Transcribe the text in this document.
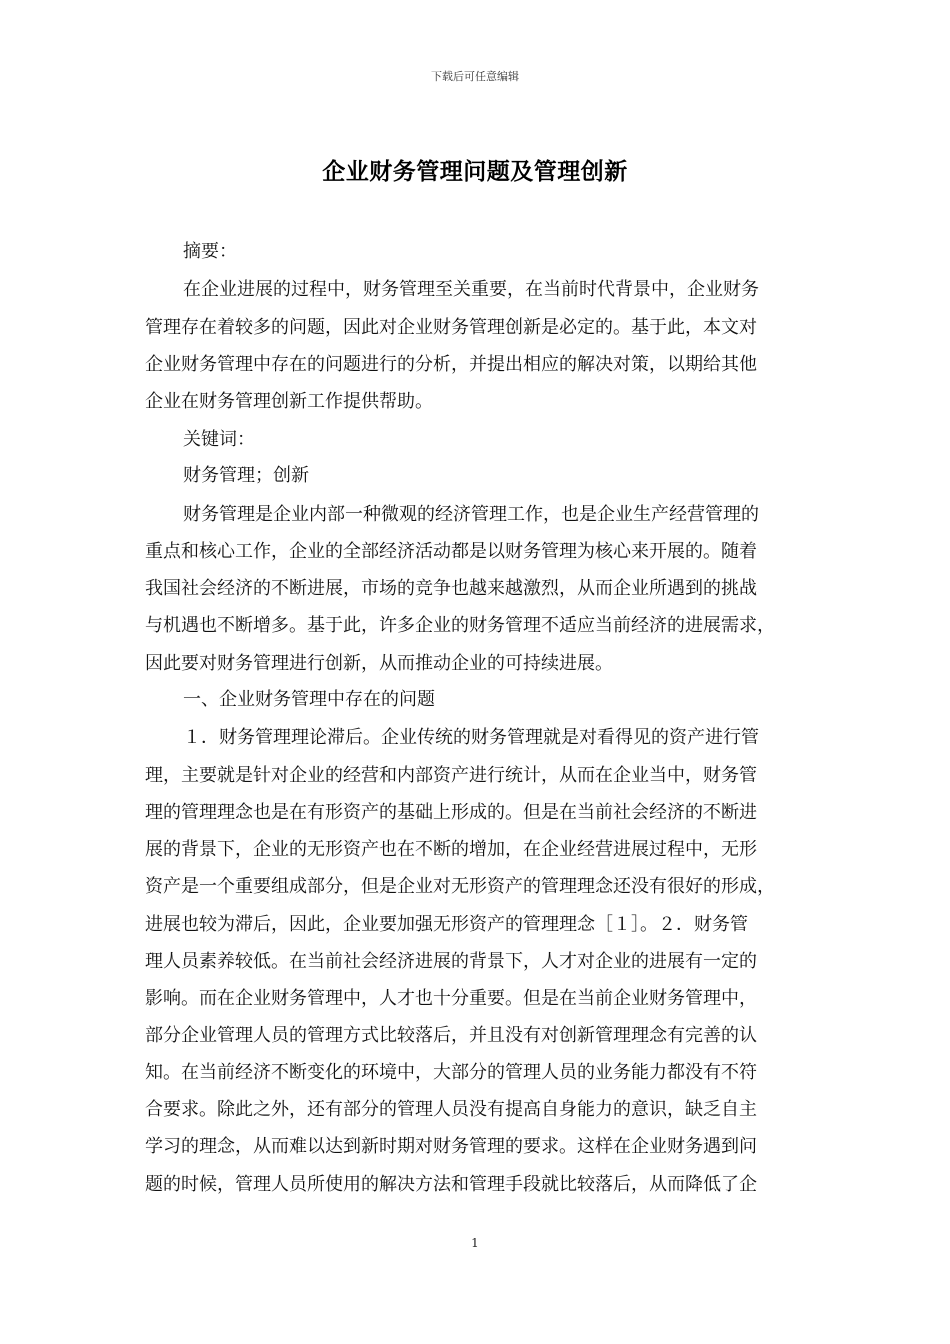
下载后可任意编辑
企业财务管理问题及管理创新
摘要：
在企业进展的过程中，财务管理至关重要，在当前时代背景中，企业财务
管理存在着较多的问题，因此对企业财务管理创新是必定的。基于此，本文对
企业财务管理中存在的问题进行的分析，并提出相应的解决对策，以期给其他
企业在财务管理创新工作提供帮助。
关键词：
财务管理；创新
财务管理是企业内部一种微观的经济管理工作，也是企业生产经营管理的
重点和核心工作，企业的全部经济活动都是以财务管理为核心来开展的。随着
我国社会经济的不断进展，市场的竞争也越来越激烈，从而企业所遇到的挑战
与机遇也不断增多。基于此，许多企业的财务管理不适应当前经济的进展需求，
因此要对财务管理进行创新，从而推动企业的可持续进展。
一、企业财务管理中存在的问题
１．财务管理理论滞后。企业传统的财务管理就是对看得见的资产进行管
理，主要就是针对企业的经营和内部资产进行统计，从而在企业当中，财务管
理的管理理念也是在有形资产的基础上形成的。但是在当前社会经济的不断进
展的背景下，企业的无形资产也在不断的增加，在企业经营进展过程中，无形
资产是一个重要组成部分，但是企业对无形资产的管理理念还没有很好的形成，
进展也较为滞后，因此，企业要加强无形资产的管理理念［１］。２．财务管
理人员素养较低。在当前社会经济进展的背景下，人才对企业的进展有一定的
影响。而在企业财务管理中，人才也十分重要。但是在当前企业财务管理中，
部分企业管理人员的管理方式比较落后，并且没有对创新管理理念有完善的认
知。在当前经济不断变化的环境中，大部分的管理人员的业务能力都没有不符
合要求。除此之外，还有部分的管理人员没有提高自身能力的意识，缺乏自主
学习的理念，从而难以达到新时期对财务管理的要求。这样在企业财务遇到问
题的时候，管理人员所使用的解决方法和管理手段就比较落后，从而降低了企
1
